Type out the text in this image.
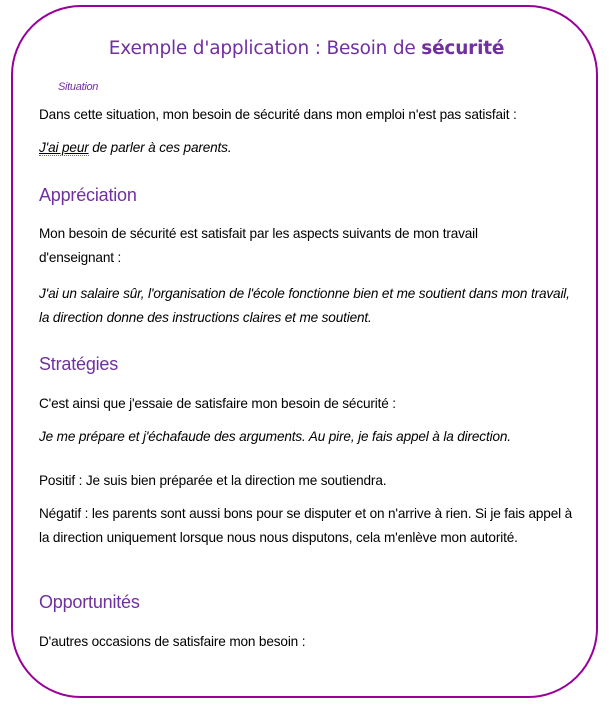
Exemple d'application : Besoin de sécurité
Situation
Dans cette situation, mon besoin de sécurité dans mon emploi n'est pas satisfait :
J'ai peur de parler à ces parents.
Appréciation
Mon besoin de sécurité est satisfait par les aspects suivants de mon travail d'enseignant :
J'ai un salaire sûr, l'organisation de l'école fonctionne bien et me soutient dans mon travail, la direction donne des instructions claires et me soutient.
Stratégies
C'est ainsi que j'essaie de satisfaire mon besoin de sécurité :
Je me prépare et j'échafaude des arguments. Au pire, je fais appel à la direction.
Positif : Je suis bien préparée et la direction me soutiendra.
Négatif : les parents sont aussi bons pour se disputer et on n'arrive à rien. Si je fais appel à la direction uniquement lorsque nous nous disputons, cela m'enlève mon autorité.
Opportunités
D'autres occasions de satisfaire mon besoin :
